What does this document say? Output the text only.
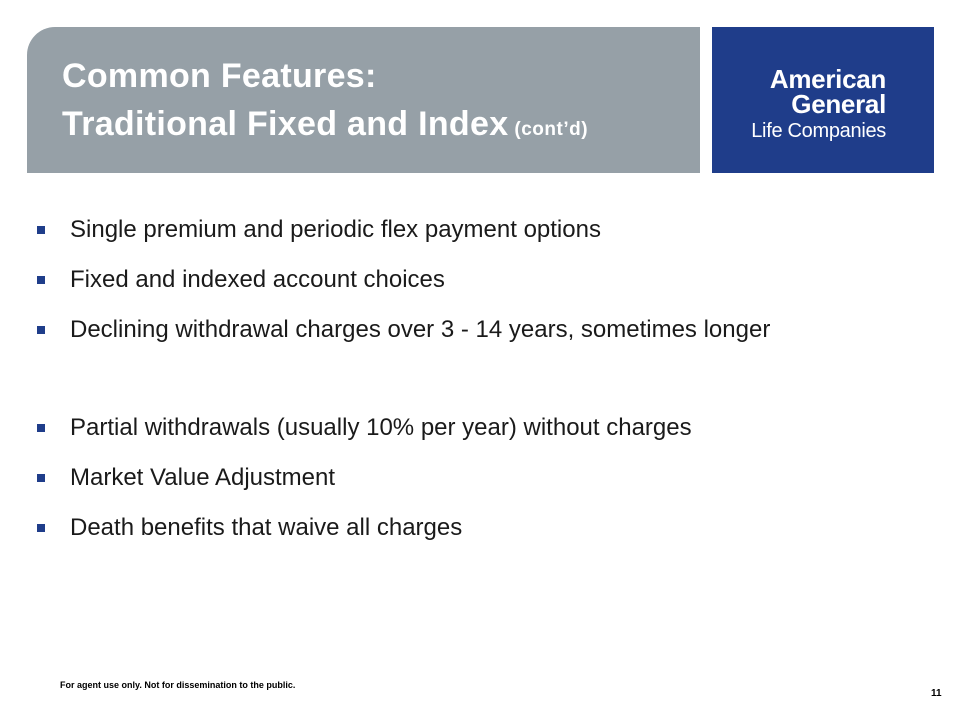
Common Features:
Traditional Fixed and Index (cont’d)
American
General
Life Companies
Single premium and periodic flex payment options
Fixed and indexed account choices
Declining withdrawal charges over 3 - 14 years, sometimes longer
Partial withdrawals (usually 10% per year) without charges
Market Value Adjustment
Death benefits that waive all charges
For agent use only. Not for dissemination to the public.
11
